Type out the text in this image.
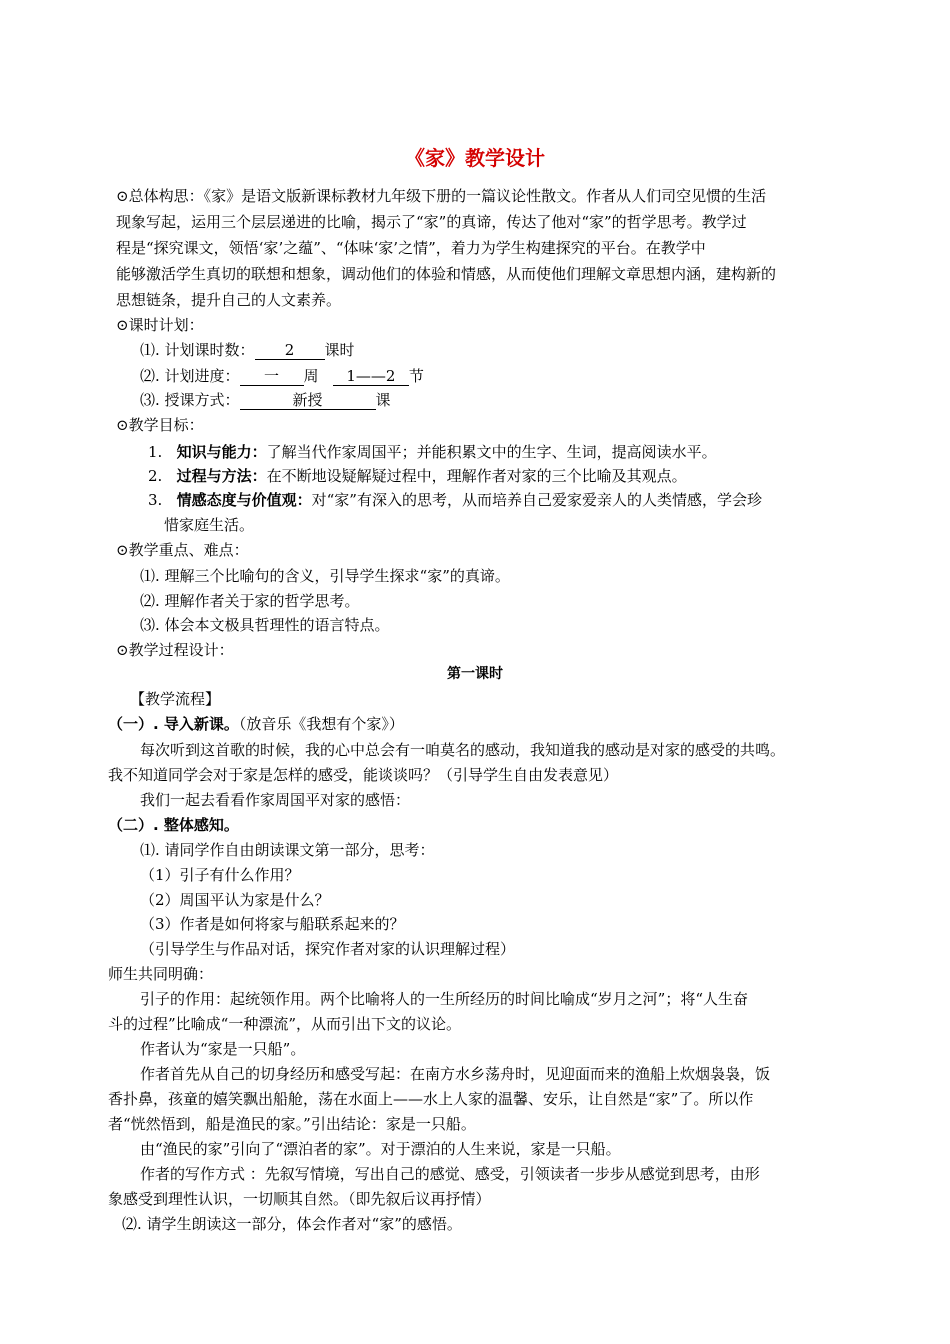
《家》教学设计
⊙总体构思：《家》是语文版新课标教材九年级下册的一篇议论性散文。作者从人们司空见惯的生活
现象写起，运用三个层层递进的比喻，揭示了“家”的真谛，传达了他对“家”的哲学思考。教学过
程是“探究课文，领悟‘家’之蕴”、“体味‘家’之情”，着力为学生构建探究的平台。在教学中
能够激活学生真切的联想和想象，调动他们的体验和情感，从而使他们理解文章思想内涵，建构新的
思想链条，提升自己的人文素养。
⊙课时计划：
⑴. 计划课时数： 2 课时
⑵. 计划进度： 一 周 1——2 节
⑶. 授课方式：	新授	课
⊙教学目标：
1. 知识与能力：了解当代作家周国平；并能积累文中的生字、生词，提高阅读水平。
2. 过程与方法：在不断地设疑解疑过程中，理解作者对家的三个比喻及其观点。
3. 情感态度与价值观：对“家”有深入的思考，从而培养自己爱家爱亲人的人类情感，学会珍
惜家庭生活。
⊙教学重点、难点：
⑴. 理解三个比喻句的含义，引导学生探求“家”的真谛。
⑵. 理解作者关于家的哲学思考。
⑶. 体会本文极具哲理性的语言特点。
⊙教学过程设计：
第一课时
【教学流程】
（一）. 导入新课。（放音乐《我想有个家》）
每次听到这首歌的时候，我的心中总会有一咱莫名的感动，我知道我的感动是对家的感受的共鸣。
我不知道同学会对于家是怎样的感受，能谈谈吗？（引导学生自由发表意见）
我们一起去看看作家周国平对家的感悟：
（二）. 整体感知。
⑴. 请同学作自由朗读课文第一部分，思考：
（1）引子有什么作用？
（2）周国平认为家是什么？
（3）作者是如何将家与船联系起来的？
（引导学生与作品对话，探究作者对家的认识理解过程）
师生共同明确：
引子的作用：起统领作用。两个比喻将人的一生所经历的时间比喻成“岁月之河”；将“人生奋
斗的过程”比喻成“一种漂流”，从而引出下文的议论。
作者认为“家是一只船”。
作者首先从自己的切身经历和感受写起：在南方水乡荡舟时，见迎面而来的渔船上炊烟袅袅，饭
香扑鼻，孩童的嬉笑飘出船舱，荡在水面上——水上人家的温馨、安乐，让自然是“家”了。所以作
者“恍然悟到，船是渔民的家。”引出结论：家是一只船。
由“渔民的家”引向了“漂泊者的家”。对于漂泊的人生来说，家是一只船。
作者的写作方式 ：先叙写情境，写出自己的感觉、感受，引领读者一步步从感觉到思考，由形
象感受到理性认识，一切顺其自然。（即先叙后议再抒情）
⑵. 请学生朗读这一部分，体会作者对“家”的感悟。
